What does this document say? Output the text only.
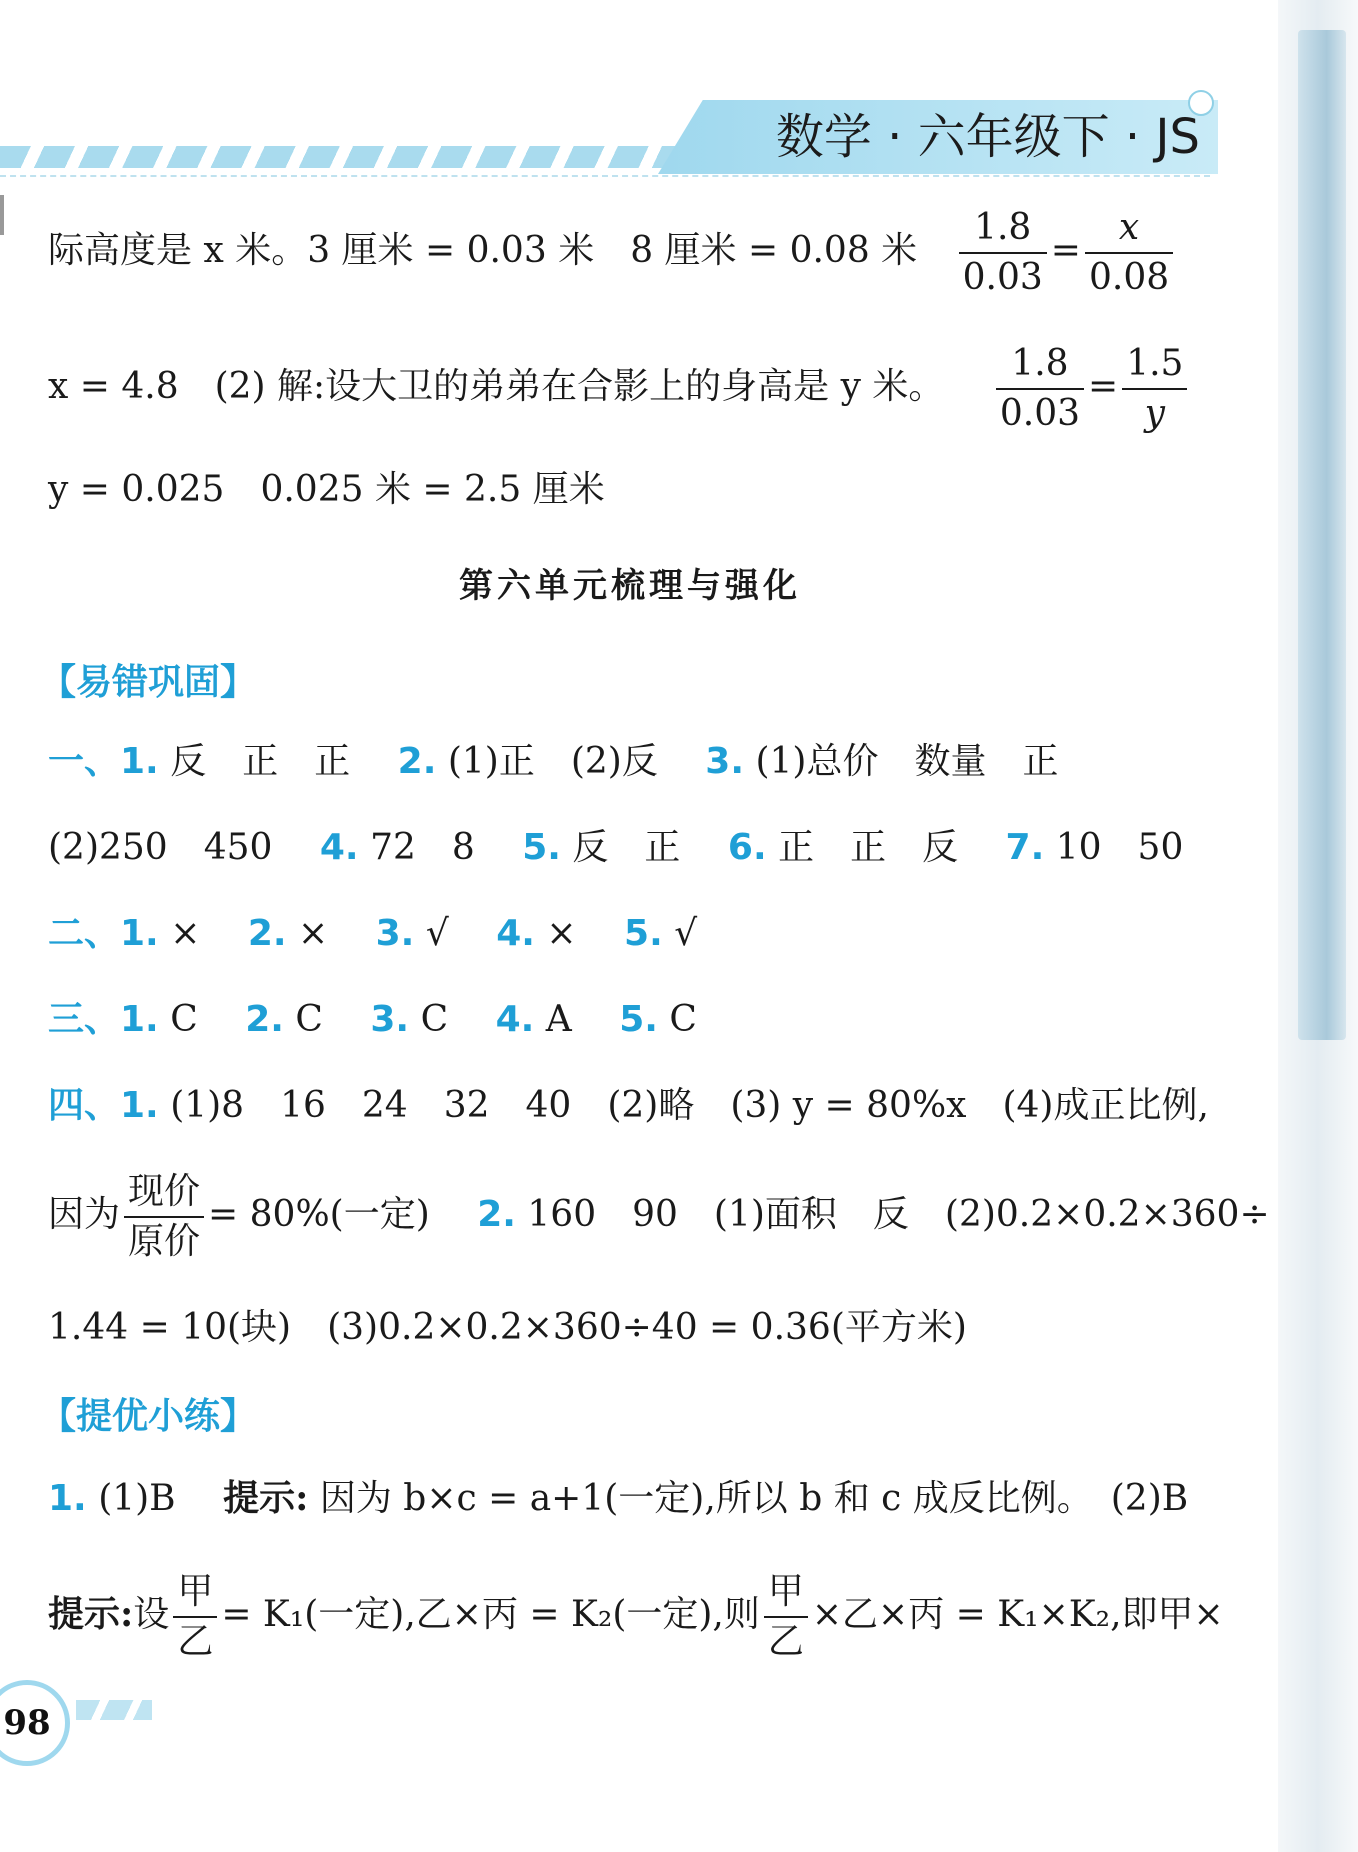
数学 · 六年级下 · JS
际高度是 x 米。3 厘米 = 0.03 米　8 厘米 = 0.08 米 $\frac{1.8}{0.03} = \frac{x}{0.08}$
x = 4.8　(2) 解:设大卫的弟弟在合影上的身高是 y 米。 $\frac{1.8}{0.03} = \frac{1.5}{y}$
y = 0.025　0.025 米 = 2.5 厘米
第六单元梳理与强化
【易错巩固】
一、1. 反　正　正　 2. (1)正　(2)反　 3. (1)总价　数量　正
(2)250　450　 4. 72　8　 5. 反　正　 6. 正　正　反　 7. 10　50
二、1. ×　 2. ×　 3. √　 4. ×　 5. √
三、1. C　 2. C　 3. C　 4. A　 5. C
四、1. (1)8　16　24　32　40　(2)略　(3) y = 80%x　(4)成正比例,
因为 $\frac{\text{现价}}{\text{原价}} = 80\%$(一定)　 2. 160　90　(1)面积　反　(2)0.2×0.2×360÷
1.44 = 10(块)　(3)0.2×0.2×360÷40 = 0.36(平方米)
【提优小练】
1. (1)B　 提示: 因为 b×c = a+1(一定),所以 b 和 c 成反比例。　(2)B
提示:设 $\frac{\text{甲}}{\text{乙}} = K_1$(一定),乙×丙 = K₂(一定),则 $\frac{\text{甲}}{\text{乙}}$ ×乙×丙 = K₁×K₂,即甲×
98
